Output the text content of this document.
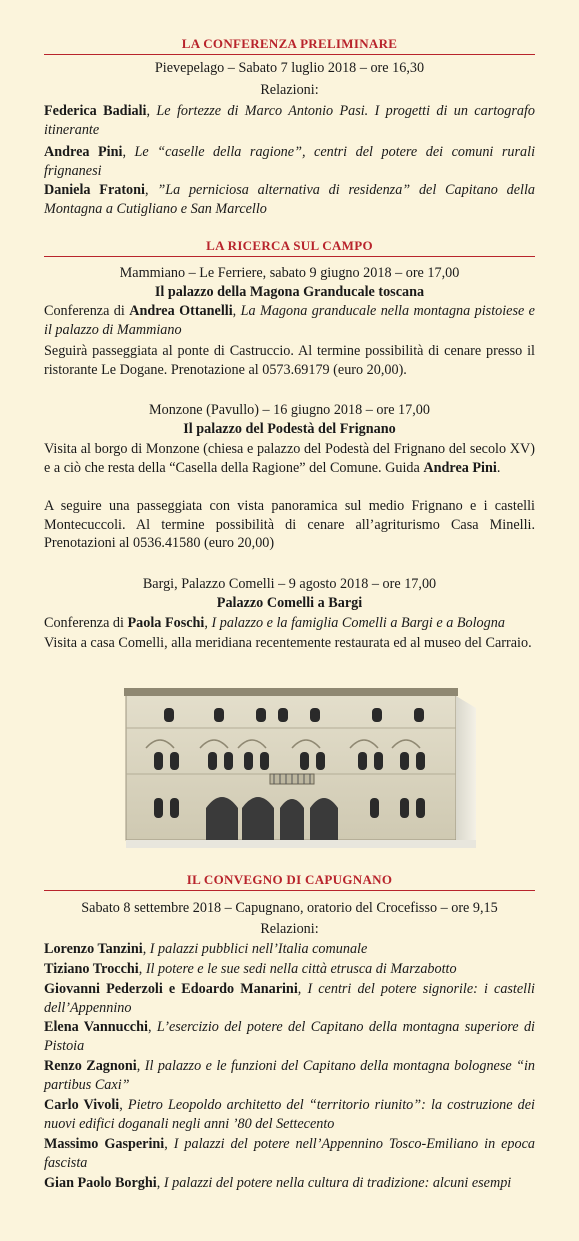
LA CONFERENZA PRELIMINARE
Pievepelago – Sabato 7 luglio 2018 – ore 16,30
Relazioni:
Federica Badiali, Le fortezze di Marco Antonio Pasi. I progetti di un cartografo itinerante
Andrea Pini, Le “caselle della ragione”, centri del potere dei comuni rurali frignanesi
Daniela Fratoni, ”La perniciosa alternativa di residenza” del Capitano della Montagna a Cutigliano e San Marcello
LA RICERCA SUL CAMPO
Mammiano – Le Ferriere, sabato 9 giugno 2018 – ore 17,00
Il palazzo della Magona Granducale toscana
Conferenza di Andrea Ottanelli, La Magona granducale nella montagna pistoiese e il palazzo di Mammiano
Seguirà passeggiata al ponte di Castruccio. Al termine possibilità di cenare presso il ristorante Le Dogane. Prenotazione al 0573.69179 (euro 20,00).
Monzone (Pavullo) – 16 giugno 2018 – ore 17,00
Il palazzo del Podestà del Frignano
Visita al borgo di Monzone (chiesa e palazzo del Podestà del Frignano del secolo XV) e a ciò che resta della “Casella della Ragione” del Comune. Guida Andrea Pini.
A seguire una passeggiata con vista panoramica sul medio Frignano e i castelli Montecuccoli. Al termine possibilità di cenare all’agriturismo Casa Minelli. Prenotazioni al 0536.41580 (euro 20,00)
Bargi, Palazzo Comelli – 9 agosto 2018 – ore 17,00
Palazzo Comelli a Bargi
Conferenza di Paola Foschi, I palazzo e la famiglia Comelli a Bargi e a Bologna
Visita a casa Comelli, alla meridiana recentemente restaurata ed al museo del Carraio.
IL CONVEGNO DI CAPUGNANO
Sabato 8 settembre 2018 – Capugnano, oratorio del Crocefisso – ore 9,15
Relazioni:
Lorenzo Tanzini, I palazzi pubblici nell’Italia comunale
Tiziano Trocchi, Il potere e le sue sedi nella città etrusca di Marzabotto
Giovanni Pederzoli e Edoardo Manarini, I centri del potere signorile: i castelli dell’Appennino
Elena Vannucchi, L’esercizio del potere del Capitano della montagna superiore di Pistoia
Renzo Zagnoni, Il palazzo e le funzioni del Capitano della montagna bolognese “in partibus Caxi”
Carlo Vivoli, Pietro Leopoldo architetto del “territorio riunito”: la costruzione dei nuovi edifici doganali negli anni ’80 del Settecento
Massimo Gasperini, I palazzi del potere nell’Appennino Tosco-Emiliano in epoca fascista
Gian Paolo Borghi, I palazzi del potere nella cultura di tradizione: alcuni esempi
